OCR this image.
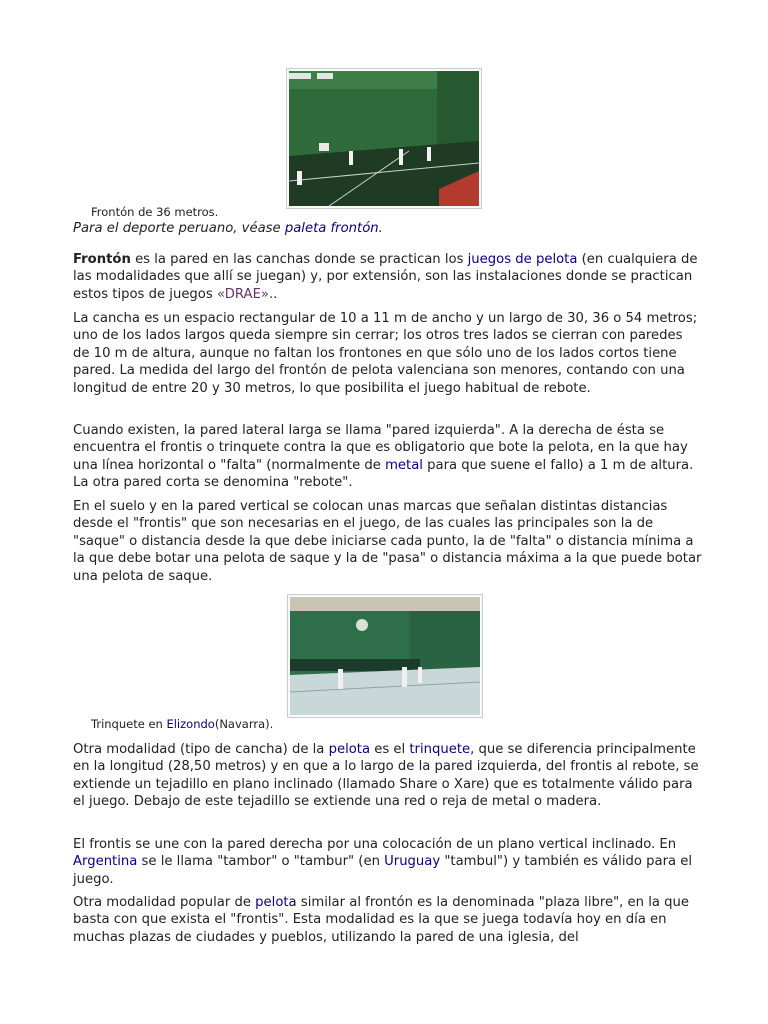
Frontón de 36 metros.

Para el deporte peruano, véase paleta frontón.

Frontón es la pared en las canchas donde se practican los juegos de pelota (en cualquiera de las modalidades que allí se juegan) y, por extensión, son las instalaciones donde se practican estos tipos de juegos «DRAE»..

La cancha es un espacio rectangular de 10 a 11 m de ancho y un largo de 30, 36 o 54 metros; uno de los lados largos queda siempre sin cerrar; los otros tres lados se cierran con paredes de 10 m de altura, aunque no faltan los frontones en que sólo uno de los lados cortos tiene pared. La medida del largo del frontón de pelota valenciana son menores, contando con una longitud de entre 20 y 30 metros, lo que posibilita el juego habitual de rebote.

Cuando existen, la pared lateral larga se llama "pared izquierda". A la derecha de ésta se encuentra el frontis o trinquete contra la que es obligatorio que bote la pelota, en la que hay una línea horizontal o "falta" (normalmente de metal para que suene el fallo) a 1 m de altura. La otra pared corta se denomina "rebote".

En el suelo y en la pared vertical se colocan unas marcas que señalan distintas distancias desde el "frontis" que son necesarias en el juego, de las cuales las principales son la de "saque" o distancia desde la que debe iniciarse cada punto, la de "falta" o distancia mínima a la que debe botar una pelota de saque y la de "pasa" o distancia máxima a la que puede botar una pelota de saque.

Trinquete en Elizondo(Navarra).

Otra modalidad (tipo de cancha) de la pelota es el trinquete, que se diferencia principalmente en la longitud (28,50 metros) y en que a lo largo de la pared izquierda, del frontis al rebote, se extiende un tejadillo en plano inclinado (llamado Share o Xare) que es totalmente válido para el juego. Debajo de este tejadillo se extiende una red o reja de metal o madera.

El frontis se une con la pared derecha por una colocación de un plano vertical inclinado. En Argentina se le llama "tambor" o "tambur" (en Uruguay "tambul") y también es válido para el juego.

Otra modalidad popular de pelota similar al frontón es la denominada "plaza libre", en la que basta con que exista el "frontis". Esta modalidad es la que se juega todavía hoy en día en muchas plazas de ciudades y pueblos, utilizando la pared de una iglesia, del
